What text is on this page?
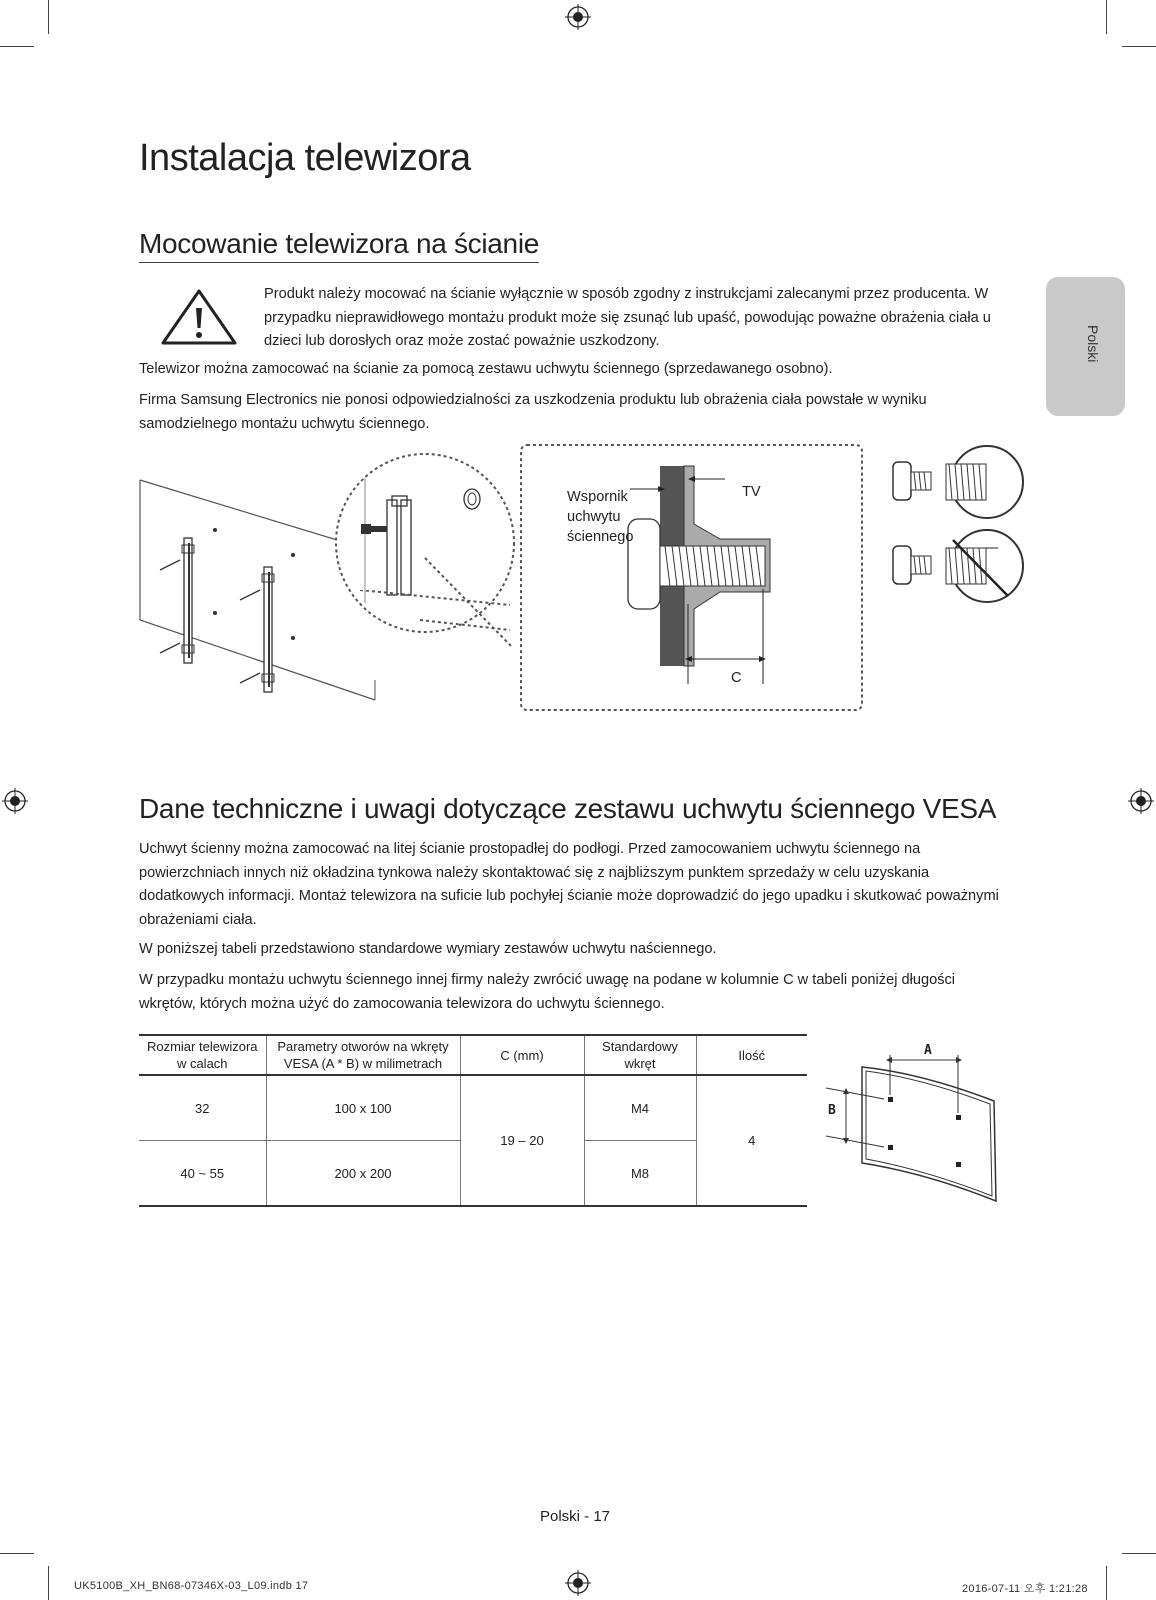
Instalacja telewizora
Mocowanie telewizora na ścianie

Produkt należy mocować na ścianie wyłącznie w sposób zgodny z instrukcjami zalecanymi przez producenta. W przypadku nieprawidłowego montażu produkt może się zsunąć lub upaść, powodując poważne obrażenia ciała u dzieci lub dorosłych oraz może zostać poważnie uszkodzony.

Telewizor można zamocować na ścianie za pomocą zestawu uchwytu ściennego (sprzedawanego osobno).

Firma Samsung Electronics nie ponosi odpowiedzialności za uszkodzenia produktu lub obrażenia ciała powstałe w wyniku samodzielnego montażu uchwytu ściennego.

Polski
Wspornik
uchwytu
ściennego
TV
C
Dane techniczne i uwagi dotyczące zestawu uchwytu ściennego VESA

Uchwyt ścienny można zamocować na litej ścianie prostopadłej do podłogi. Przed zamocowaniem uchwytu ściennego na powierzchniach innych niż okładzina tynkowa należy skontaktować się z najbliższym punktem sprzedaży w celu uzyskania dodatkowych informacji. Montaż telewizora na suficie lub pochyłej ścianie może doprowadzić do jego upadku i skutkować poważnymi obrażeniami ciała.

W poniższej tabeli przedstawiono standardowe wymiary zestawów uchwytu naściennego.

W przypadku montażu uchwytu ściennego innej firmy należy zwrócić uwagę na podane w kolumnie C w tabeli poniżej długości wkrętów, których można użyć do zamocowania telewizora do uchwytu ściennego.

Rozmiar telewizora
w calach	Parametry otworów na wkręty
VESA (A * B) w milimetrach	C (mm)	Standardowy
wkręt	Ilość
32	100 x 100	19 – 20	M4	4
40 ~ 55	200 x 200		M8	
A
B
Polski - 17
UK5100B_XH_BN68-07346X-03_L09.indb 17	2016-07-11 오후 1:21:28
